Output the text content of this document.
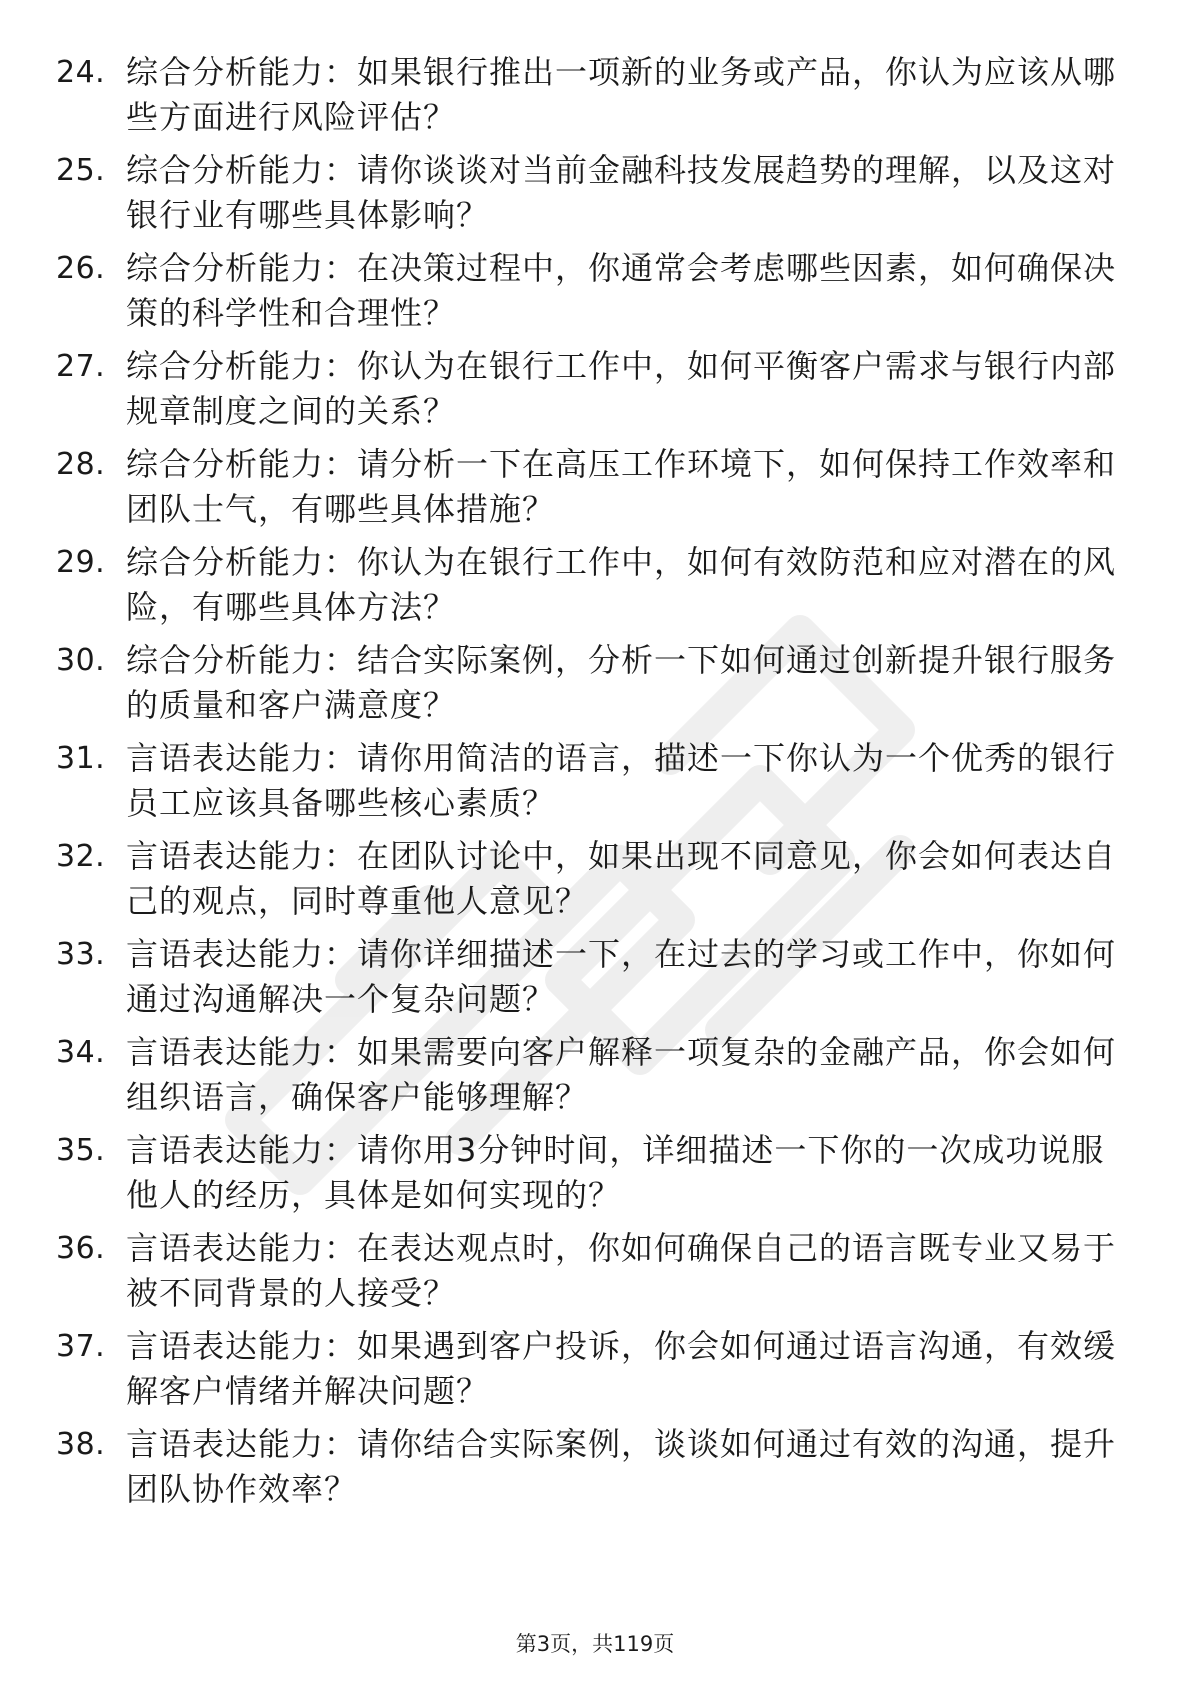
24. 综合分析能力：如果银行推出一项新的业务或产品，你认为应该从哪些方面进行风险评估？
25. 综合分析能力：请你谈谈对当前金融科技发展趋势的理解，以及这对银行业有哪些具体影响？
26. 综合分析能力：在决策过程中，你通常会考虑哪些因素，如何确保决策的科学性和合理性？
27. 综合分析能力：你认为在银行工作中，如何平衡客户需求与银行内部规章制度之间的关系？
28. 综合分析能力：请分析一下在高压工作环境下，如何保持工作效率和团队士气，有哪些具体措施？
29. 综合分析能力：你认为在银行工作中，如何有效防范和应对潜在的风险，有哪些具体方法？
30. 综合分析能力：结合实际案例，分析一下如何通过创新提升银行服务的质量和客户满意度？
31. 言语表达能力：请你用简洁的语言，描述一下你认为一个优秀的银行员工应该具备哪些核心素质？
32. 言语表达能力：在团队讨论中，如果出现不同意见，你会如何表达自己的观点，同时尊重他人意见？
33. 言语表达能力：请你详细描述一下，在过去的学习或工作中，你如何通过沟通解决一个复杂问题？
34. 言语表达能力：如果需要向客户解释一项复杂的金融产品，你会如何组织语言，确保客户能够理解？
35. 言语表达能力：请你用3分钟时间，详细描述一下你的一次成功说服他人的经历，具体是如何实现的？
36. 言语表达能力：在表达观点时，你如何确保自己的语言既专业又易于被不同背景的人接受？
37. 言语表达能力：如果遇到客户投诉，你会如何通过语言沟通，有效缓解客户情绪并解决问题？
38. 言语表达能力：请你结合实际案例，谈谈如何通过有效的沟通，提升团队协作效率？
第3页，共119页
